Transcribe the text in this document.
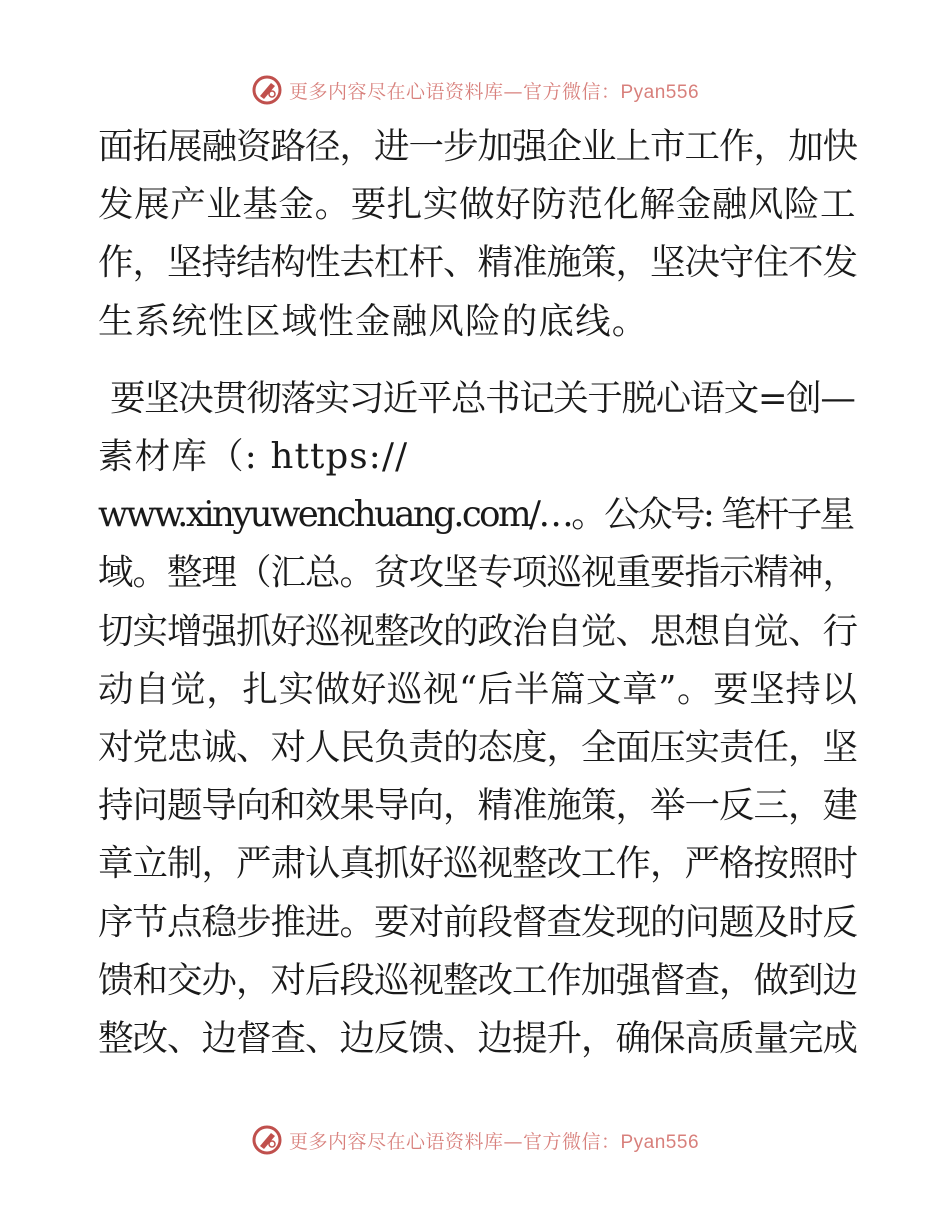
更多内容尽在心语资料库—官方微信：Pyan556

面拓展融资路径，进一步加强企业上市工作，加快
发展产业基金。要扎实做好防范化解金融风险工
作，坚持结构性去杠杆、精准施策，坚决守住不发
生系统性区域性金融风险的底线。

要坚决贯彻落实习近平总书记关于脱心语文=创—
素材库（: https://
www.xinyuwenchuang.com/…。公众号: 笔杆子星
域。整理（汇总。贫攻坚专项巡视重要指示精神，
切实增强抓好巡视整改的政治自觉、思想自觉、行
动自觉，扎实做好巡视“后半篇文章”。要坚持以
对党忠诚、对人民负责的态度，全面压实责任，坚
持问题导向和效果导向，精准施策，举一反三，建
章立制，严肃认真抓好巡视整改工作，严格按照时
序节点稳步推进。要对前段督查发现的问题及时反
馈和交办，对后段巡视整改工作加强督查，做到边
整改、边督查、边反馈、边提升，确保高质量完成

更多内容尽在心语资料库—官方微信：Pyan556
